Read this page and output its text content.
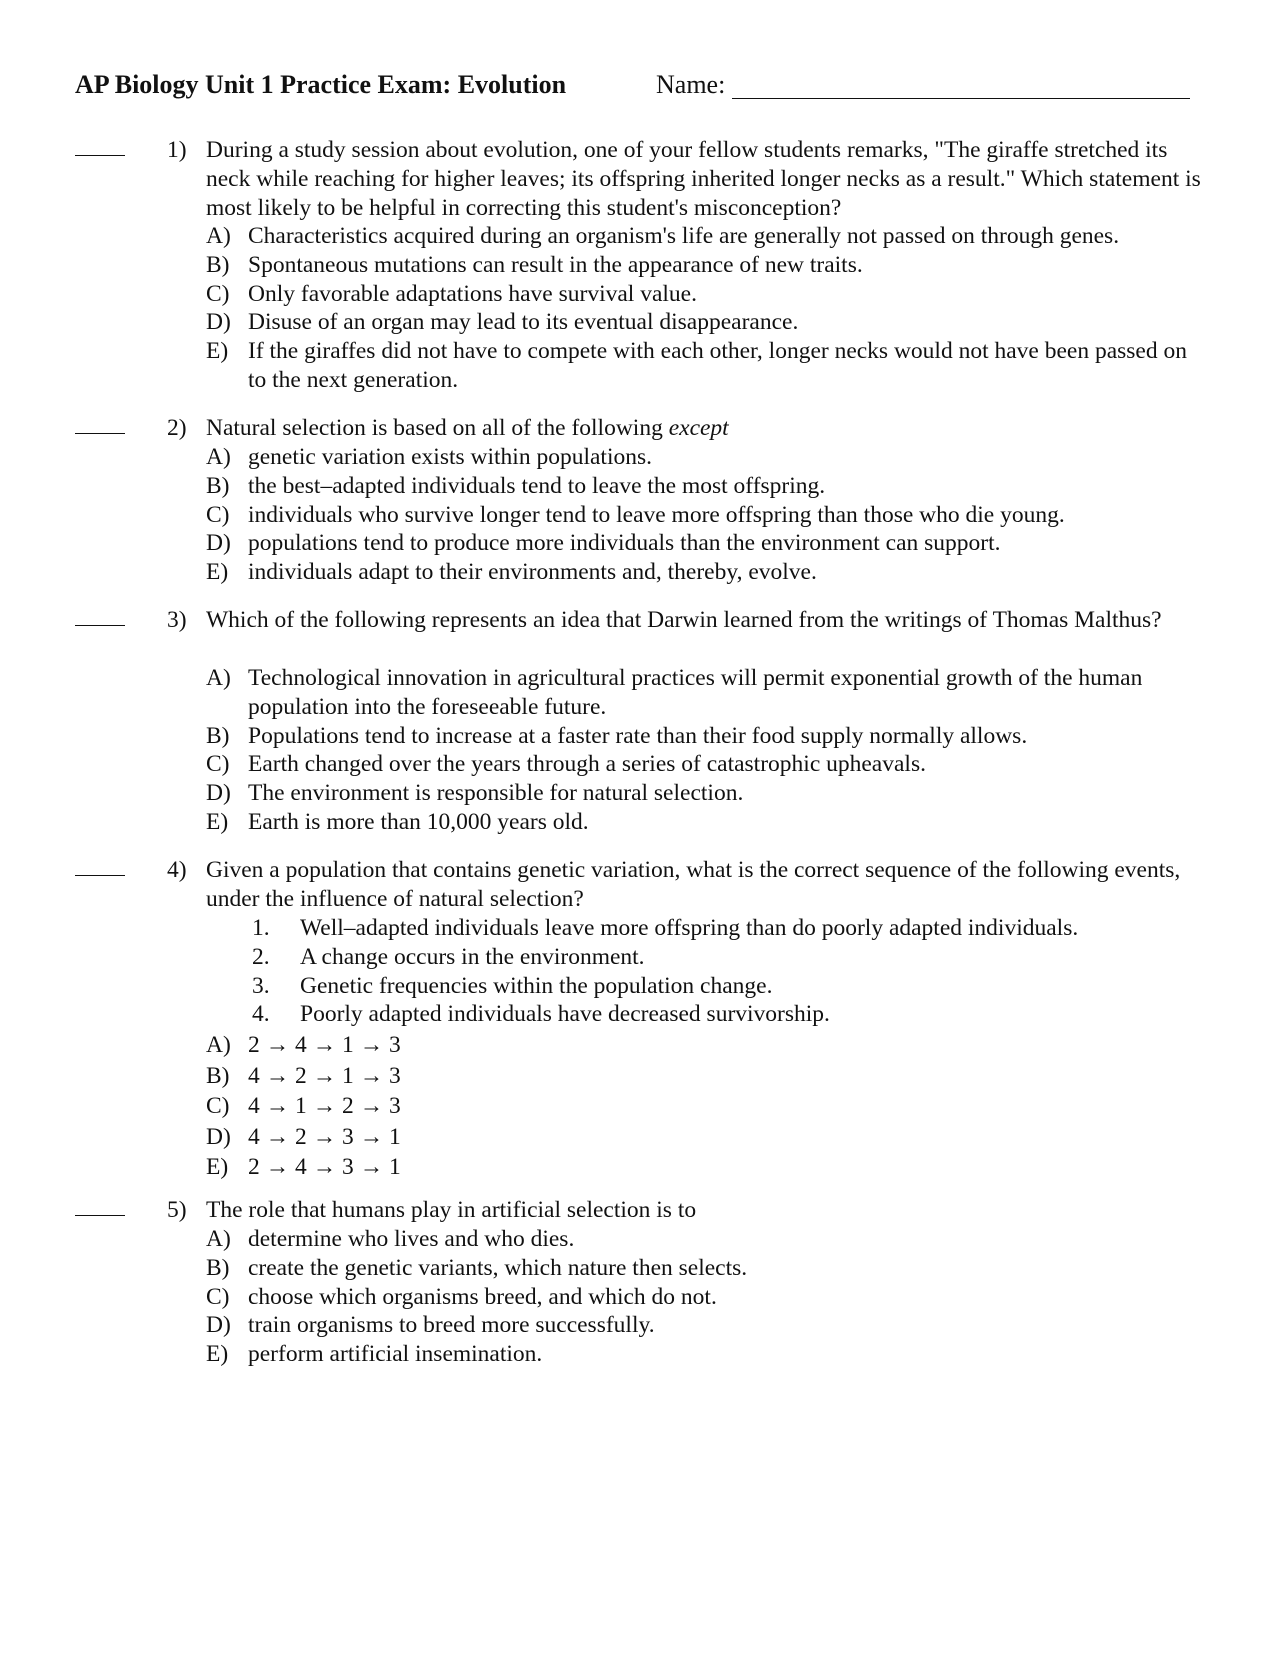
AP Biology Unit 1 Practice Exam: Evolution	Name:
1) During a study session about evolution, one of your fellow students remarks, "The giraffe stretched its neck while reaching for higher leaves; its offspring inherited longer necks as a result." Which statement is most likely to be helpful in correcting this student's misconception?
A) Characteristics acquired during an organism's life are generally not passed on through genes.
B) Spontaneous mutations can result in the appearance of new traits.
C) Only favorable adaptations have survival value.
D) Disuse of an organ may lead to its eventual disappearance.
E) If the giraffes did not have to compete with each other, longer necks would not have been passed on to the next generation.
2) Natural selection is based on all of the following except
A) genetic variation exists within populations.
B) the best–adapted individuals tend to leave the most offspring.
C) individuals who survive longer tend to leave more offspring than those who die young.
D) populations tend to produce more individuals than the environment can support.
E) individuals adapt to their environments and, thereby, evolve.
3) Which of the following represents an idea that Darwin learned from the writings of Thomas Malthus?
A) Technological innovation in agricultural practices will permit exponential growth of the human population into the foreseeable future.
B) Populations tend to increase at a faster rate than their food supply normally allows.
C) Earth changed over the years through a series of catastrophic upheavals.
D) The environment is responsible for natural selection.
E) Earth is more than 10,000 years old.
4) Given a population that contains genetic variation, what is the correct sequence of the following events, under the influence of natural selection?
1. Well–adapted individuals leave more offspring than do poorly adapted individuals.
2. A change occurs in the environment.
3. Genetic frequencies within the population change.
4. Poorly adapted individuals have decreased survivorship.
A) 2 → 4 → 1 → 3
B) 4 → 2 → 1 → 3
C) 4 → 1 → 2 → 3
D) 4 → 2 → 3 → 1
E) 2 → 4 → 3 → 1
5) The role that humans play in artificial selection is to
A) determine who lives and who dies.
B) create the genetic variants, which nature then selects.
C) choose which organisms breed, and which do not.
D) train organisms to breed more successfully.
E) perform artificial insemination.
